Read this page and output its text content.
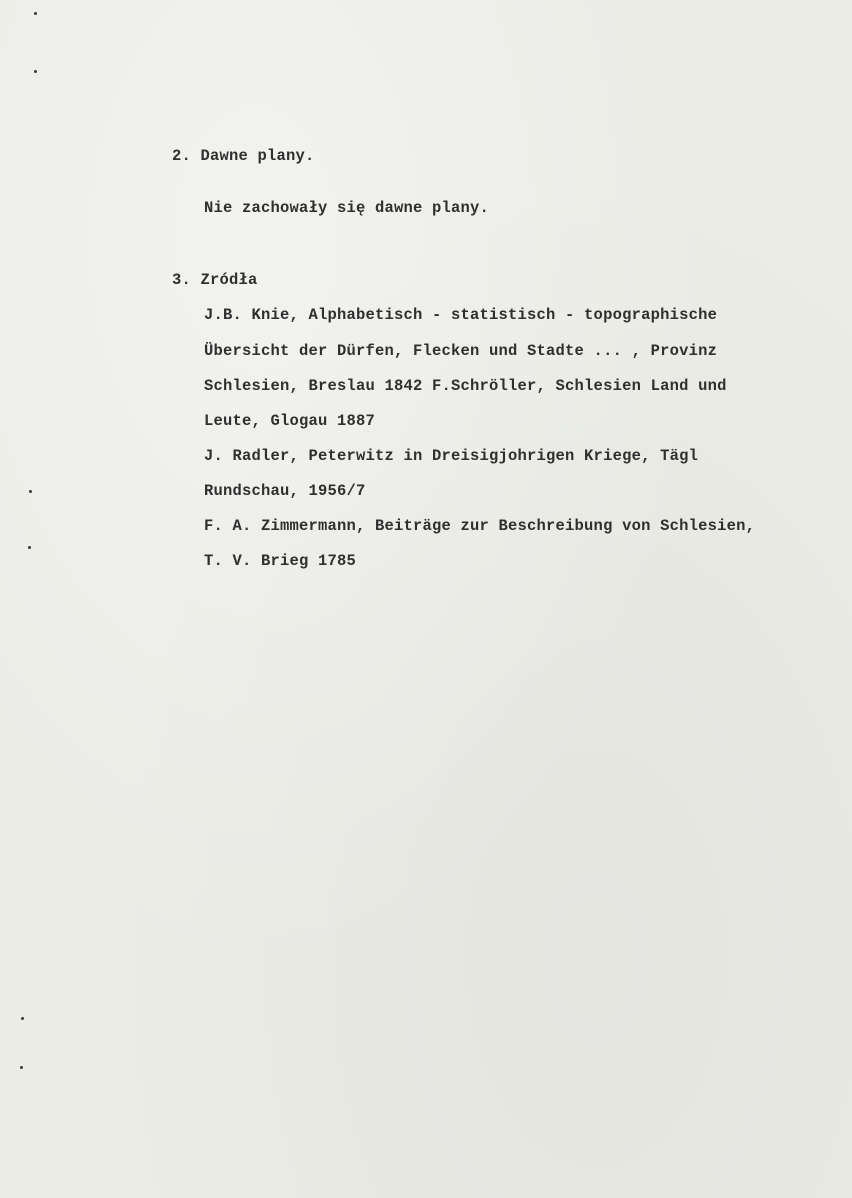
2. Dawne plany.
Nie zachowały się dawne plany.
3. Zródła
J.B. Knie, Alphabetisch - statistisch - topographische
Übersicht der Dürfen, Flecken und Stadte ... , Provinz
Schlesien, Breslau 1842 F.Schröller, Schlesien Land und
Leute, Glogau 1887
J. Radler, Peterwitz in Dreisigjohrigen Kriege, Tägl
Rundschau, 1956/7
F. A. Zimmermann, Beiträge zur Beschreibung von Schlesien,
T. V. Brieg 1785
